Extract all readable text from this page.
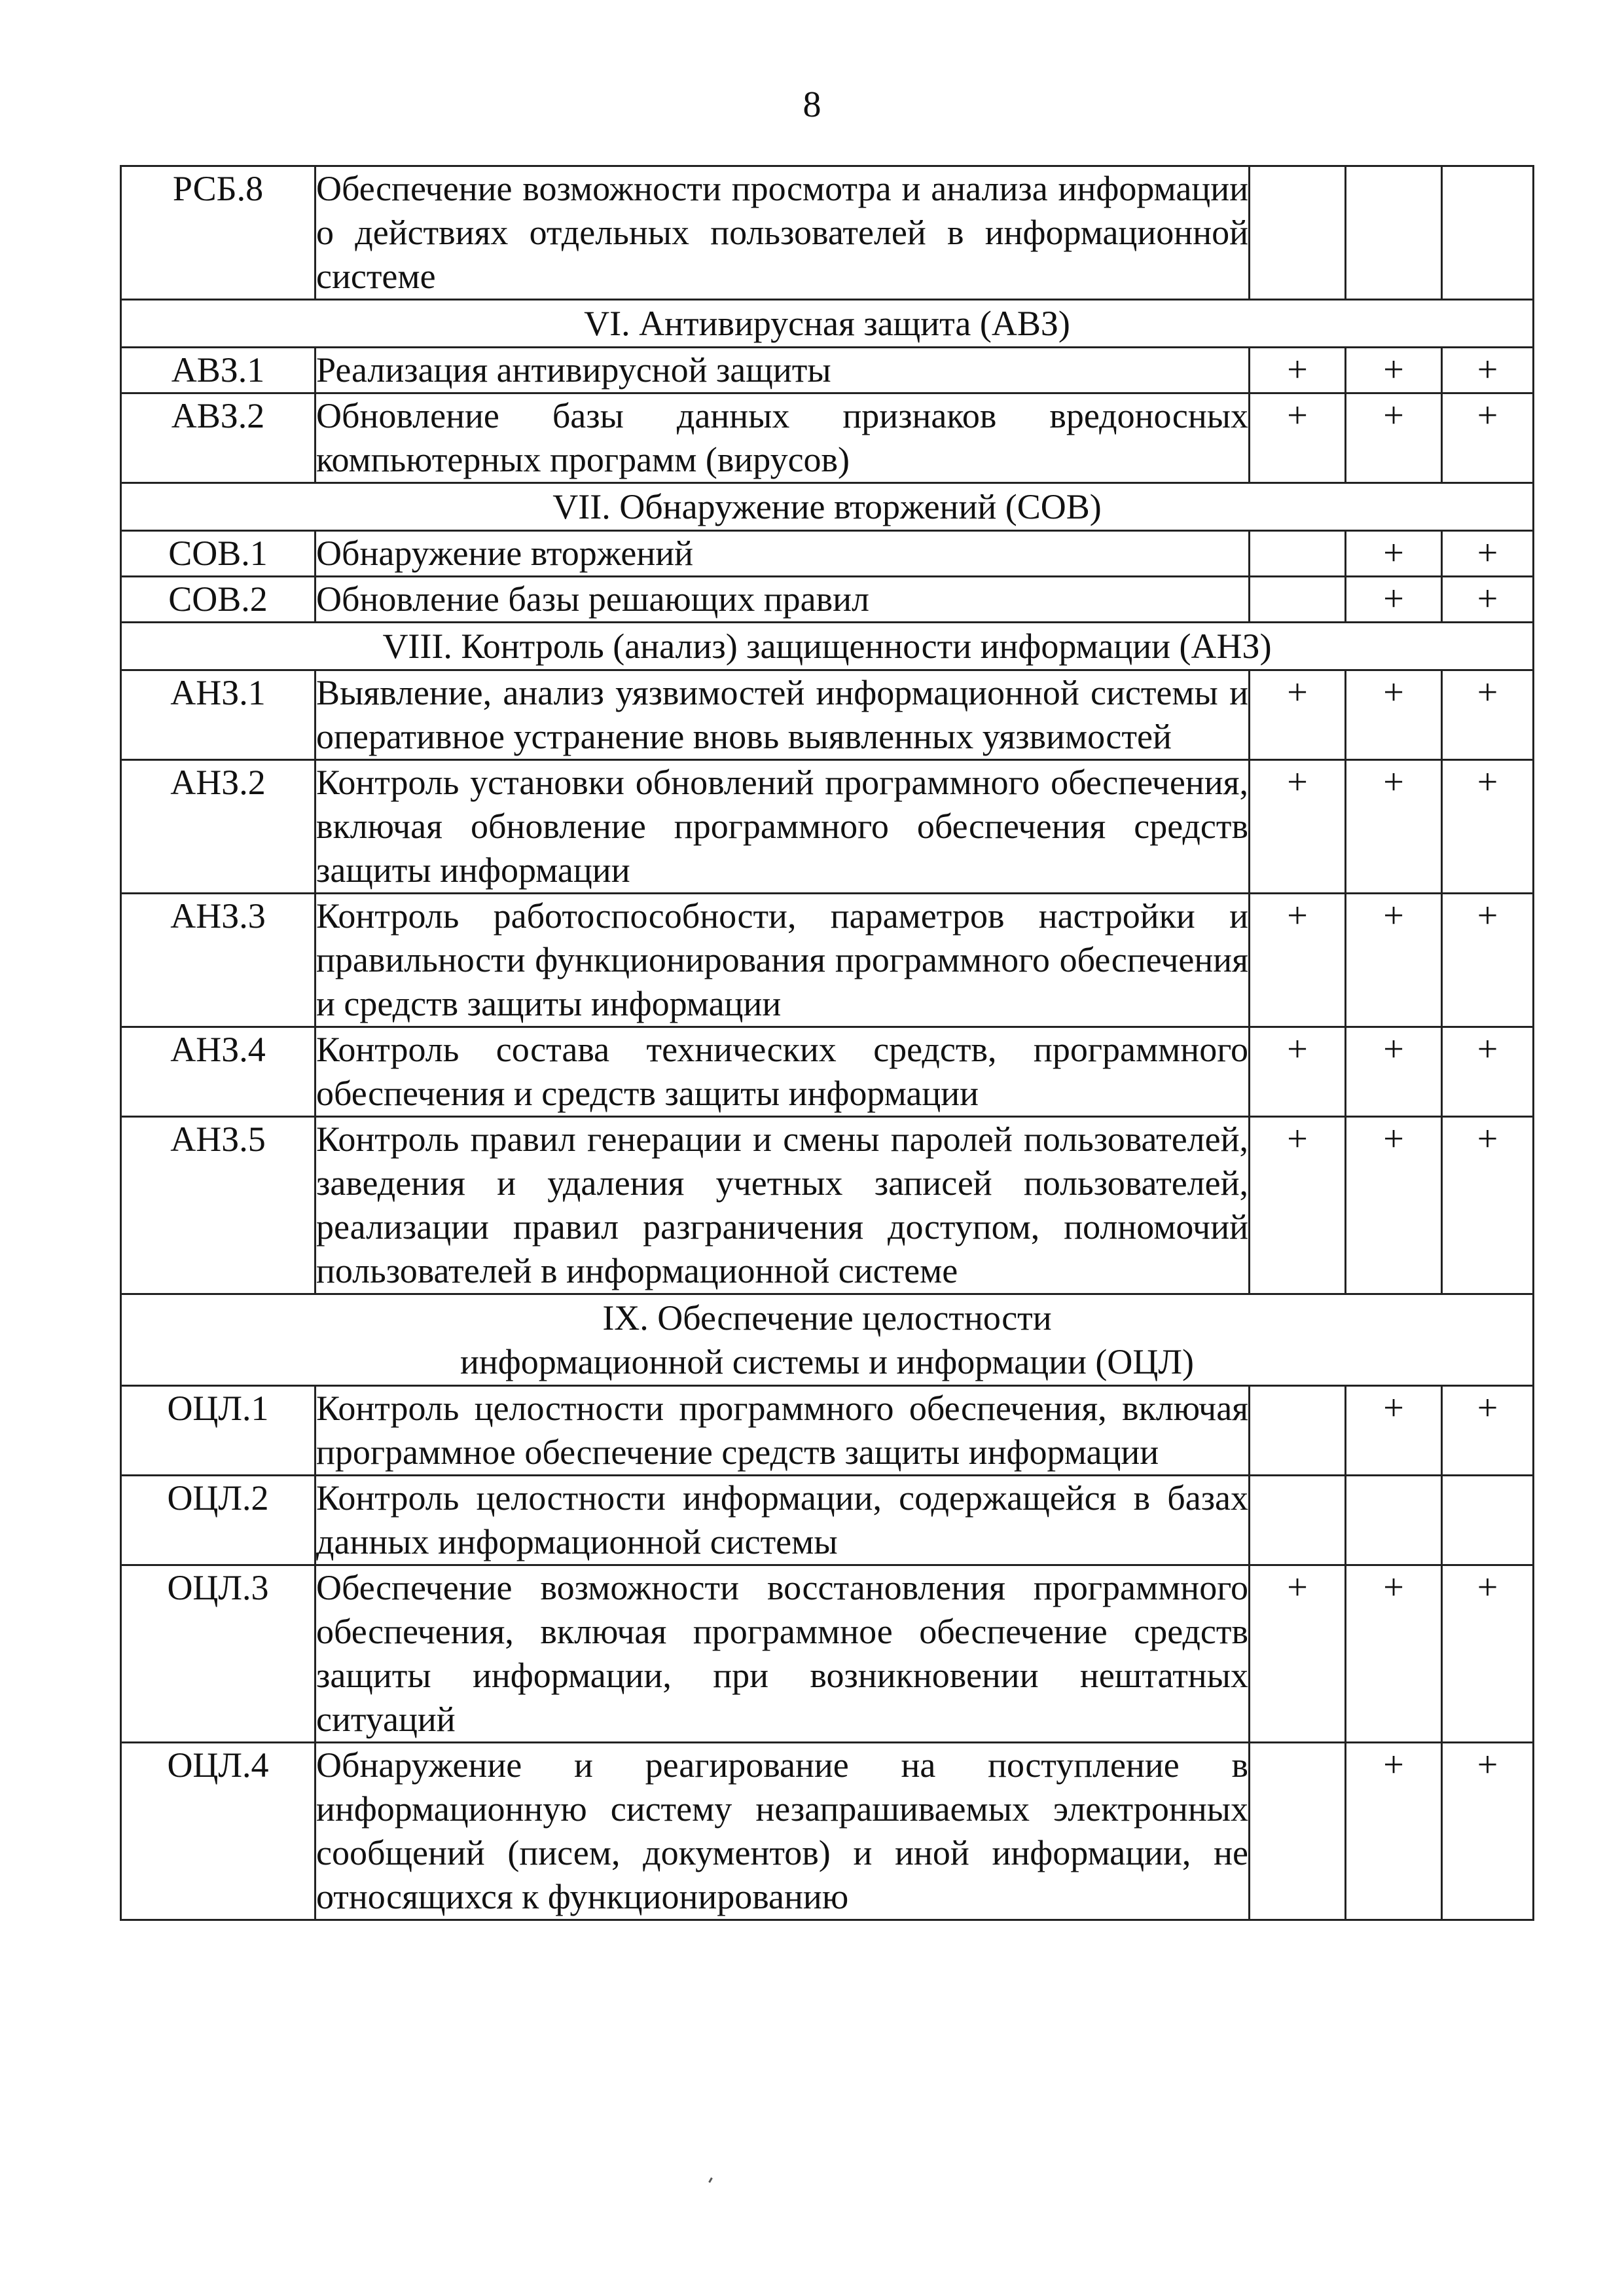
8
РСБ.8	Обеспечение возможности просмотра и анализа информации о действиях отдельных пользователей в информационной системе			

VI. Антивирусная защита (АВЗ)				

АВЗ.1	Реализация антивирусной защиты	+	+	+
АВЗ.2	Обновление базы данных признаков вредоносных компьютерных программ (вирусов)	+	+	+

VII. Обнаружение вторжений (СОВ)				

СОВ.1	Обнаружение вторжений		+	+
СОВ.2	Обновление базы решающих правил		+	+

VIII. Контроль (анализ) защищенности информации (АНЗ)				

АНЗ.1	Выявление, анализ уязвимостей информационной системы и оперативное устранение вновь выявленных уязвимостей	+	+	+
АНЗ.2	Контроль установки обновлений программного обеспечения, включая обновление программного обеспечения средств защиты информации	+	+	+
АНЗ.3	Контроль работоспособности, параметров настройки и правильности функционирования программного обеспечения и средств защиты информации	+	+	+
АНЗ.4	Контроль состава технических средств, программного обеспечения и средств защиты информации	+	+	+
АНЗ.5	Контроль правил генерации и смены паролей пользователей, заведения и удаления учетных записей пользователей, реализации правил разграничения доступом, полномочий пользователей в информационной системе	+	+	+

IX. Обеспечение целостности
информационной системы и информации (ОЦЛ)				

ОЦЛ.1	Контроль целостности программного обеспечения, включая программное обеспечение средств защиты информации		+	+
ОЦЛ.2	Контроль целостности информации, содержащейся в базах данных информационной системы			
ОЦЛ.3	Обеспечение возможности восстановления программного обеспечения, включая программное обеспечение средств защиты информации, при возникновении нештатных ситуаций	+	+	+
ОЦЛ.4	Обнаружение и реагирование на поступление в информационную систему незапрашиваемых электронных сообщений (писем, документов) и иной информации, не относящихся к функционированию		+	+
